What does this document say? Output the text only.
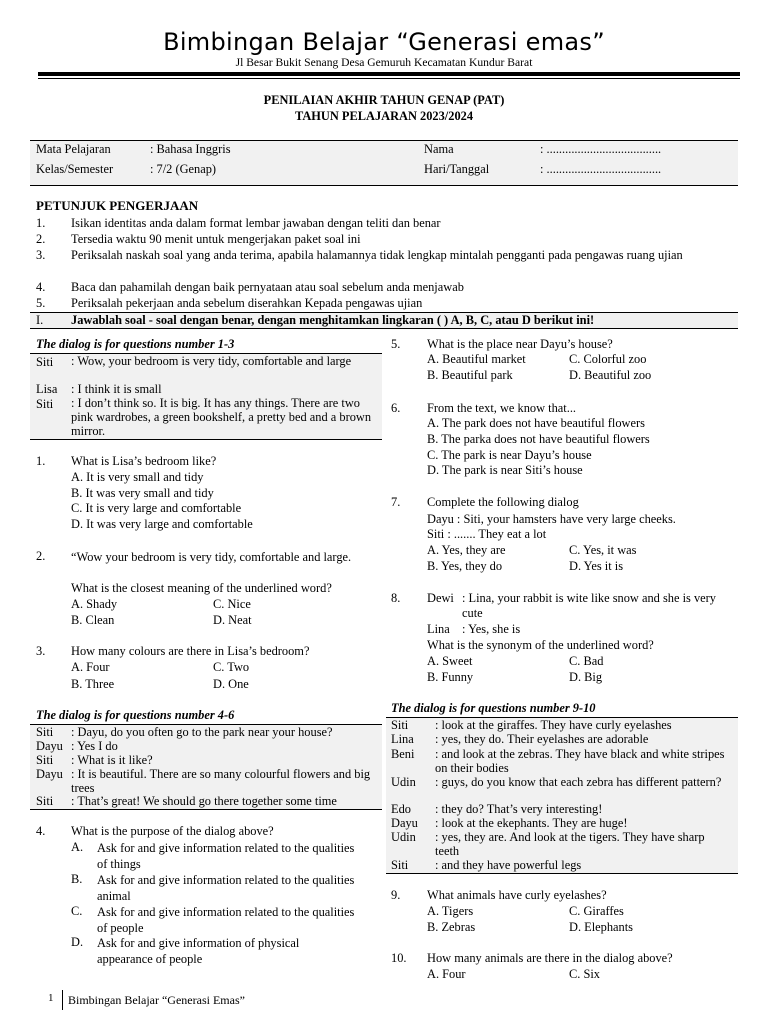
Bimbingan Belajar “Generasi emas”
Jl Besar Bukit Senang Desa Gemuruh Kecamatan Kundur Barat
PENILAIAN AKHIR TAHUN GENAP (PAT)
TAHUN PELAJARAN 2023/2024
Mata Pelajaran	: Bahasa Inggris
Kelas/Semester	: 7/2 (Genap)
Nama	: .....................................
Hari/Tanggal	: .....................................
PETUNJUK PENGERJAAN
1. Isikan identitas anda dalam format lembar jawaban dengan teliti dan benar
2. Tersedia waktu 90 menit untuk mengerjakan paket soal ini
3. Periksalah naskah soal yang anda terima, apabila halamannya tidak lengkap mintalah pengganti pada pengawas ruang ujian
4. Baca dan pahamilah dengan baik pernyataan atau soal sebelum anda menjawab
5. Periksalah pekerjaan anda sebelum diserahkan Kepada pengawas ujian
I. Jawablah soal - soal dengan benar, dengan menghitamkan lingkaran ( ) A, B, C, atau D berikut ini!
The dialog is for questions number 1-3
Siti : Wow, your bedroom is very tidy, comfortable and large
Lisa : I think it is small
Siti : I don’t think so. It is big. It has any things. There are two pink wardrobes, a green bookshelf, a pretty bed and a brown mirror.
1. What is Lisa’s bedroom like?
A. It is very small and tidy
B. It was very small and tidy
C. It is very large and comfortable
D. It was very large and comfortable
2. “Wow your bedroom is very tidy, comfortable and large.
What is the closest meaning of the underlined word?
A. Shady	C. Nice
B. Clean	D. Neat
3. How many colours are there in Lisa’s bedroom?
A. Four	C. Two
B. Three	D. One
The dialog is for questions number 4-6
Siti : Dayu, do you often go to the park near your house?
Dayu : Yes I do
Siti : What is it like?
Dayu : It is beautiful. There are so many colourful flowers and big trees
Siti : That’s great! We should go there together some time
4. What is the purpose of the dialog above?
A. Ask for and give information related to the qualities of things
B. Ask for and give information related to the qualities animal
C. Ask for and give information related to the qualities of people
D. Ask for and give information of physical appearance of people
5. What is the place near Dayu’s house?
A. Beautiful market	C. Colorful zoo
B. Beautiful park	D. Beautiful zoo
6. From the text, we know that...
A. The park does not have beautiful flowers
B. The parka does not have beautiful flowers
C. The park is near Dayu’s house
D. The park is near Siti’s house
7. Complete the following dialog
Dayu : Siti, your hamsters have very large cheeks.
Siti : ....... They eat a lot
A. Yes, they are	C. Yes, it was
B. Yes, they do	D. Yes it is
8. Dewi : Lina, your rabbit is wite like snow and she is very cute
Lina : Yes, she is
What is the synonym of the underlined word?
A. Sweet	C. Bad
B. Funny	D. Big
The dialog is for questions number 9-10
Siti : look at the giraffes. They have curly eyelashes
Lina : yes, they do. Their eyelashes are adorable
Beni : and look at the zebras. They have black and white stripes on their bodies
Udin : guys, do you know that each zebra has different pattern?
Edo : they do? That’s very interesting!
Dayu : look at the ekephants. They are huge!
Udin : yes, they are. And look at the tigers. They have sharp teeth
Siti : and they have powerful legs
9. What animals have curly eyelashes?
A. Tigers	C. Giraffes
B. Zebras	D. Elephants
10. How many animals are there in the dialog above?
A. Four	C. Six
1 Bimbingan Belajar “Generasi Emas”
